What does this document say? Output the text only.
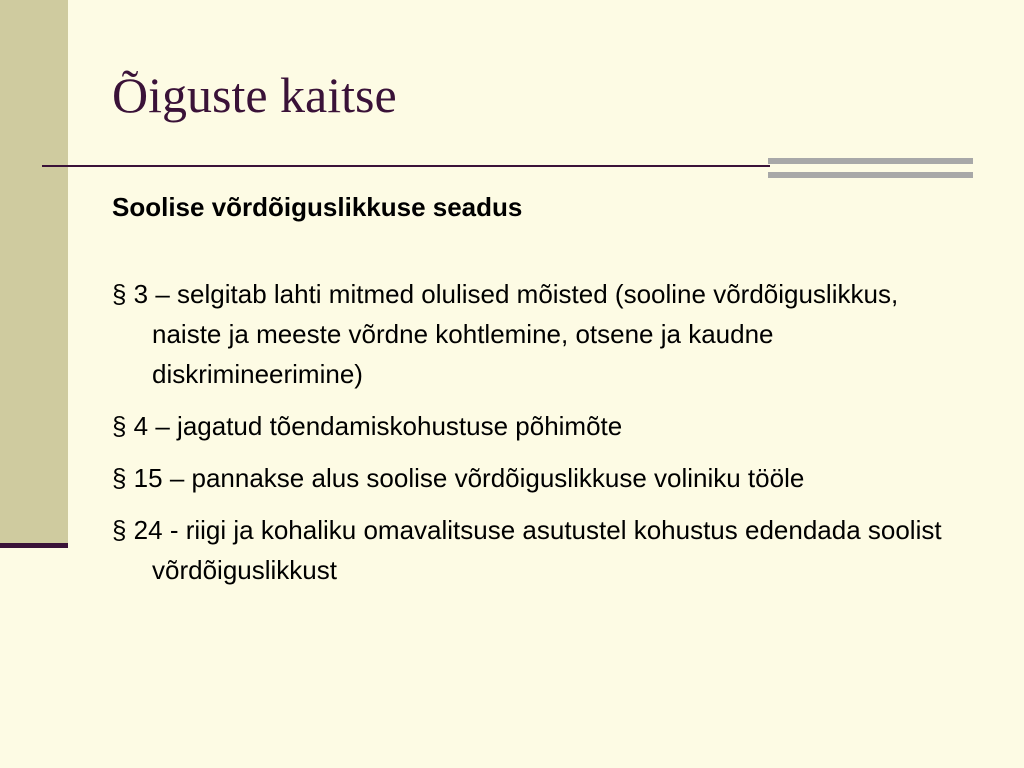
Õiguste kaitse

Soolise võrdõiguslikkuse seadus

§ 3 – selgitab lahti mitmed olulised mõisted (sooline võrdõiguslikkus, naiste ja meeste võrdne kohtlemine, otsene ja kaudne diskrimineerimine)

§ 4 – jagatud tõendamiskohustuse põhimõte

§ 15 – pannakse alus soolise võrdõiguslikkuse voliniku tööle

§ 24 - riigi ja kohaliku omavalitsuse asutustel kohustus edendada soolist võrdõiguslikkust
